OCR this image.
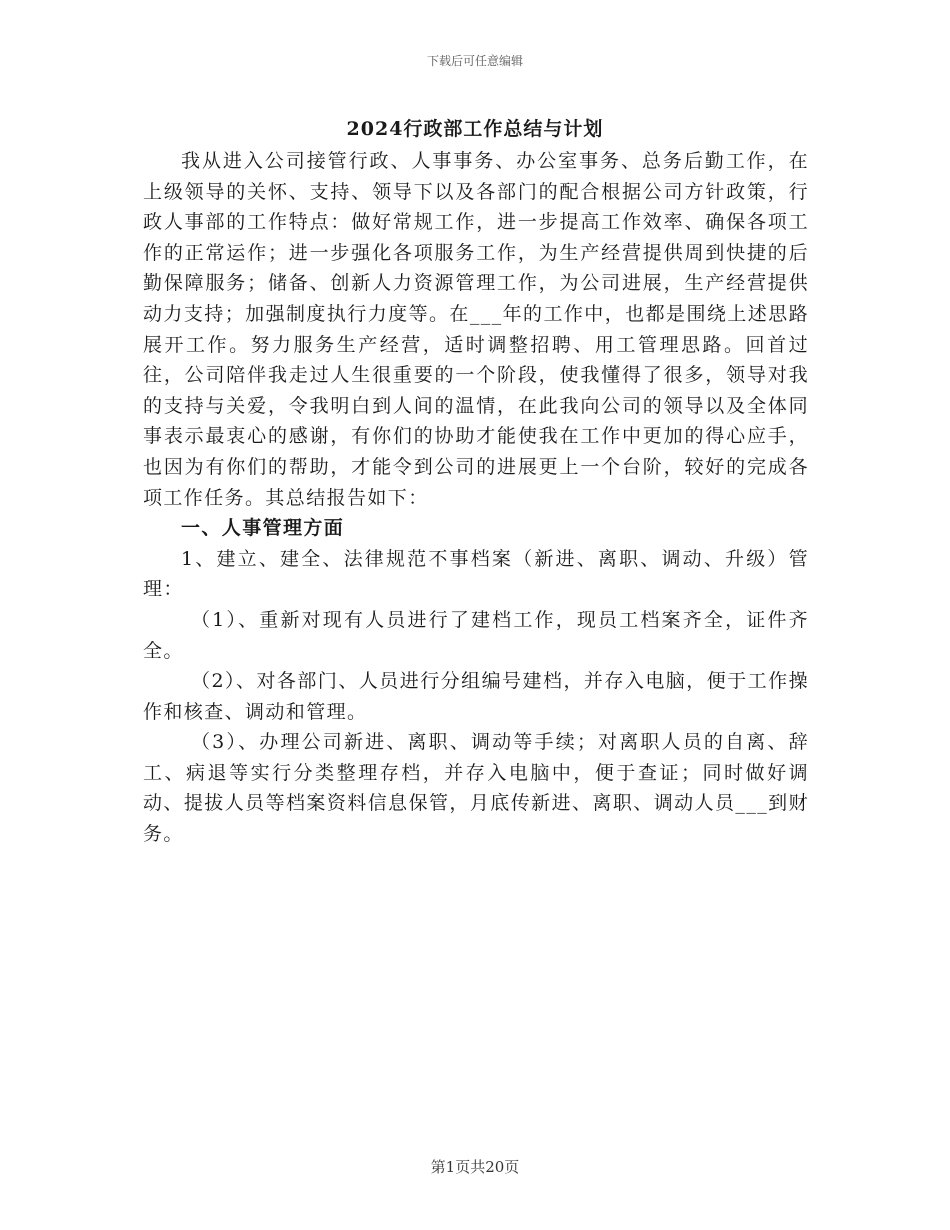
下载后可任意编辑
2024行政部工作总结与计划

我从进入公司接管行政、人事事务、办公室事务、总务后勤工作，在上级领导的关怀、支持、领导下以及各部门的配合根据公司方针政策，行政人事部的工作特点：做好常规工作，进一步提高工作效率、确保各项工作的正常运作；进一步强化各项服务工作，为生产经营提供周到快捷的后勤保障服务；储备、创新人力资源管理工作，为公司进展，生产经营提供动力支持；加强制度执行力度等。在___年的工作中，也都是围绕上述思路展开工作。努力服务生产经营，适时调整招聘、用工管理思路。回首过往，公司陪伴我走过人生很重要的一个阶段，使我懂得了很多，领导对我的支持与关爱，令我明白到人间的温情，在此我向公司的领导以及全体同事表示最衷心的感谢，有你们的协助才能使我在工作中更加的得心应手，也因为有你们的帮助，才能令到公司的进展更上一个台阶，较好的完成各项工作任务。其总结报告如下：

一、人事管理方面

1、建立、建全、法律规范不事档案（新进、离职、调动、升级）管理：

（1）、重新对现有人员进行了建档工作，现员工档案齐全，证件齐全。

（2）、对各部门、人员进行分组编号建档，并存入电脑，便于工作操作和核查、调动和管理。

（3）、办理公司新进、离职、调动等手续；对离职人员的自离、辞工、病退等实行分类整理存档，并存入电脑中，便于查证；同时做好调动、提拔人员等档案资料信息保管，月底传新进、离职、调动人员___到财务。

第1页共20页
